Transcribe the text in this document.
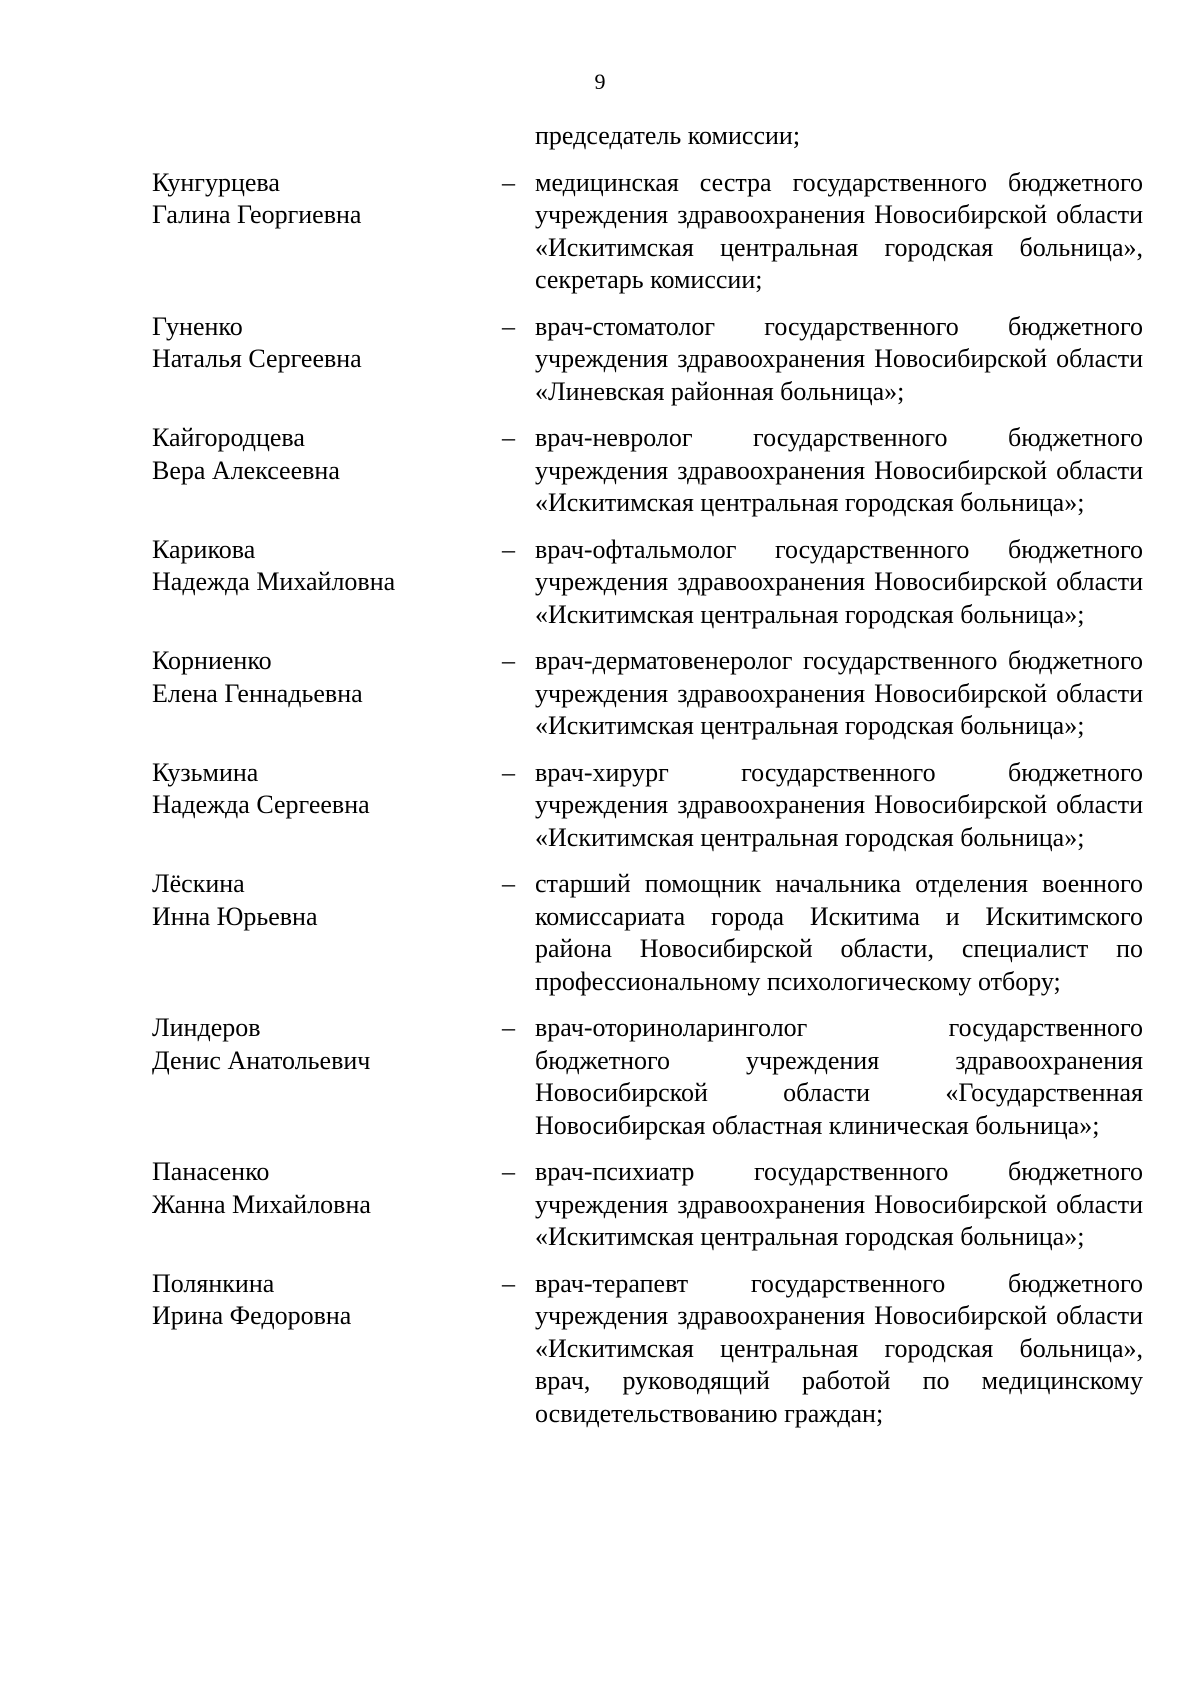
9
председатель комиссии;
Кунгурцева
Галина Георгиевна
– медицинская сестра государственного бюджетного учреждения здравоохранения Новосибирской области «Искитимская центральная городская больница», секретарь комиссии;
Гуненко
Наталья Сергеевна
– врач-стоматолог государственного бюджетного учреждения здравоохранения Новосибирской области «Линевская районная больница»;
Кайгородцева
Вера Алексеевна
– врач-невролог государственного бюджетного учреждения здравоохранения Новосибирской области «Искитимская центральная городская больница»;
Карикова
Надежда Михайловна
– врач-офтальмолог государственного бюджетного учреждения здравоохранения Новосибирской области «Искитимская центральная городская больница»;
Корниенко
Елена Геннадьевна
– врач-дерматовенеролог государственного бюджетного учреждения здравоохранения Новосибирской области «Искитимская центральная городская больница»;
Кузьмина
Надежда Сергеевна
– врач-хирург государственного бюджетного учреждения здравоохранения Новосибирской области «Искитимская центральная городская больница»;
Лёскина
Инна Юрьевна
– старший помощник начальника отделения военного комиссариата города Искитима и Искитимского района Новосибирской области, специалист по профессиональному психологическому отбору;
Линдеров
Денис Анатольевич
– врач-оториноларинголог государственного бюджетного учреждения здравоохранения Новосибирской области «Государственная Новосибирская областная клиническая больница»;
Панасенко
Жанна Михайловна
– врач-психиатр государственного бюджетного учреждения здравоохранения Новосибирской области «Искитимская центральная городская больница»;
Полянкина
Ирина Федоровна
– врач-терапевт государственного бюджетного учреждения здравоохранения Новосибирской области «Искитимская центральная городская больница», врач, руководящий работой по медицинскому освидетельствованию граждан;
